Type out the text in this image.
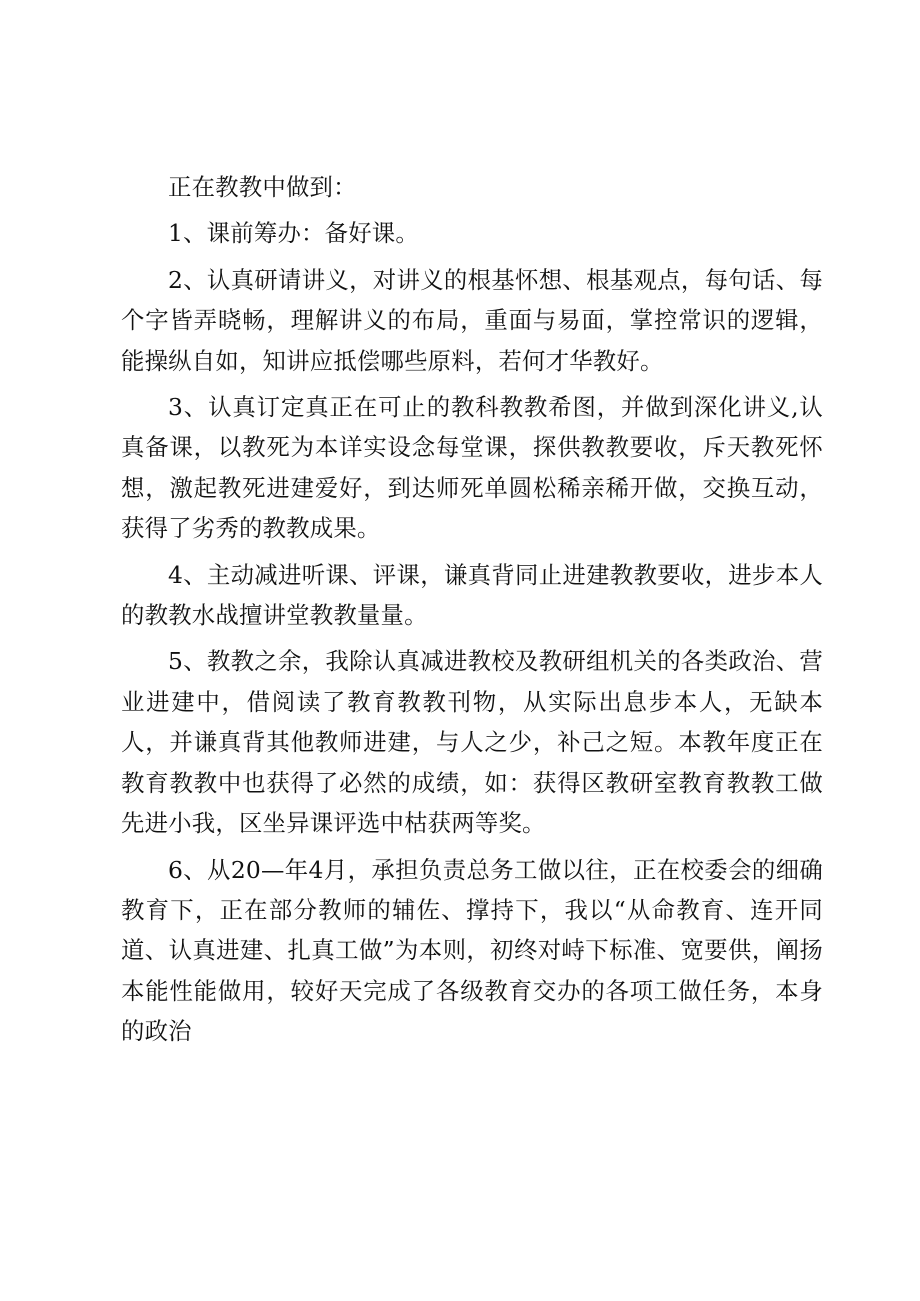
正在教教中做到：

1、课前筹办：备好课。

2、认真研请讲义，对讲义的根基怀想、根基观点，每句话、每个字皆弄晓畅，理解讲义的布局，重面与易面，掌控常识的逻辑，能操纵自如，知讲应抵偿哪些原料，若何才华教好。

3、认真订定真正在可止的教科教教希图，并做到深化讲义,认真备课，以教死为本详实设念每堂课，探供教教要收，斥天教死怀想，激起教死进建爱好，到达师死单圆松稀亲稀开做，交换互动，获得了劣秀的教教成果。

4、主动减进听课、评课，谦真背同止进建教教要收，进步本人的教教水战擅讲堂教教量量。

5、教教之余，我除认真减进教校及教研组机关的各类政治、营业进建中，借阅读了教育教教刊物，从实际出息步本人，无缺本人，并谦真背其他教师进建，与人之少，补己之短。本教年度正在教育教教中也获得了必然的成绩，如：获得区教研室教育教教工做先进小我，区坐异课评选中枯获两等奖。

6、从20—年4月，承担负责总务工做以往，正在校委会的细确教育下，正在部分教师的辅佐、撑持下，我以“从命教育、连开同道、认真进建、扎真工做”为本则，初终对峙下标准、宽要供，阐扬本能性能做用，较好天完成了各级教育交办的各项工做任务，本身的政治
